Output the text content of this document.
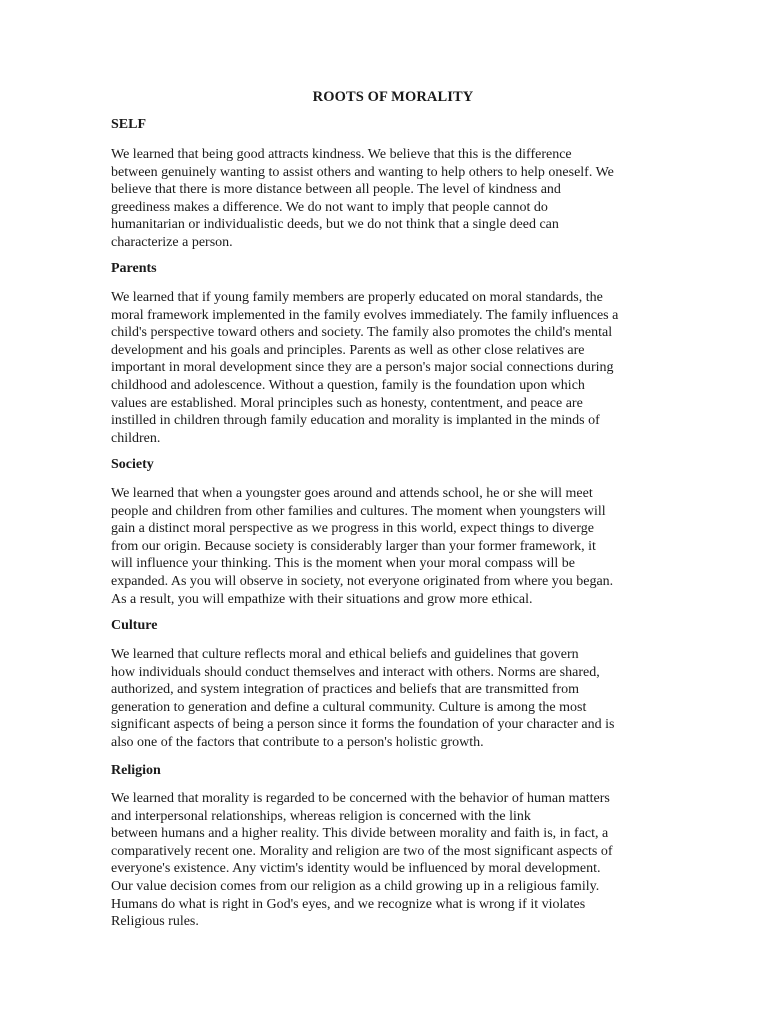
ROOTS OF MORALITY
SELF
We learned that being good attracts kindness. We believe that this is the difference
between genuinely wanting to assist others and wanting to help others to help oneself. We
believe that there is more distance between all people. The level of kindness and
greediness makes a difference. We do not want to imply that people cannot do
humanitarian or individualistic deeds, but we do not think that a single deed can
characterize a person.
Parents
We learned that if young family members are properly educated on moral standards, the
moral framework implemented in the family evolves immediately. The family influences a
child's perspective toward others and society. The family also promotes the child's mental
development and his goals and principles. Parents as well as other close relatives are
important in moral development since they are a person's major social connections during
childhood and adolescence. Without a question, family is the foundation upon which
values are established. Moral principles such as honesty, contentment, and peace are
instilled in children through family education and morality is implanted in the minds of
children.
Society
We learned that when a youngster goes around and attends school, he or she will meet
people and children from other families and cultures. The moment when youngsters will
gain a distinct moral perspective as we progress in this world, expect things to diverge
from our origin. Because society is considerably larger than your former framework, it
will influence your thinking. This is the moment when your moral compass will be
expanded. As you will observe in society, not everyone originated from where you began.
As a result, you will empathize with their situations and grow more ethical.
Culture
We learned that culture reflects moral and ethical beliefs and guidelines that govern
how individuals should conduct themselves and interact with others. Norms are shared,
authorized, and system integration of practices and beliefs that are transmitted from
generation to generation and define a cultural community. Culture is among the most
significant aspects of being a person since it forms the foundation of your character and is
also one of the factors that contribute to a person's holistic growth.
Religion
We learned that morality is regarded to be concerned with the behavior of human matters
and interpersonal relationships, whereas religion is concerned with the link
between humans and a higher reality. This divide between morality and faith is, in fact, a
comparatively recent one. Morality and religion are two of the most significant aspects of
everyone's existence. Any victim's identity would be influenced by moral development.
Our value decision comes from our religion as a child growing up in a religious family.
Humans do what is right in God's eyes, and we recognize what is wrong if it violates
Religious rules.
